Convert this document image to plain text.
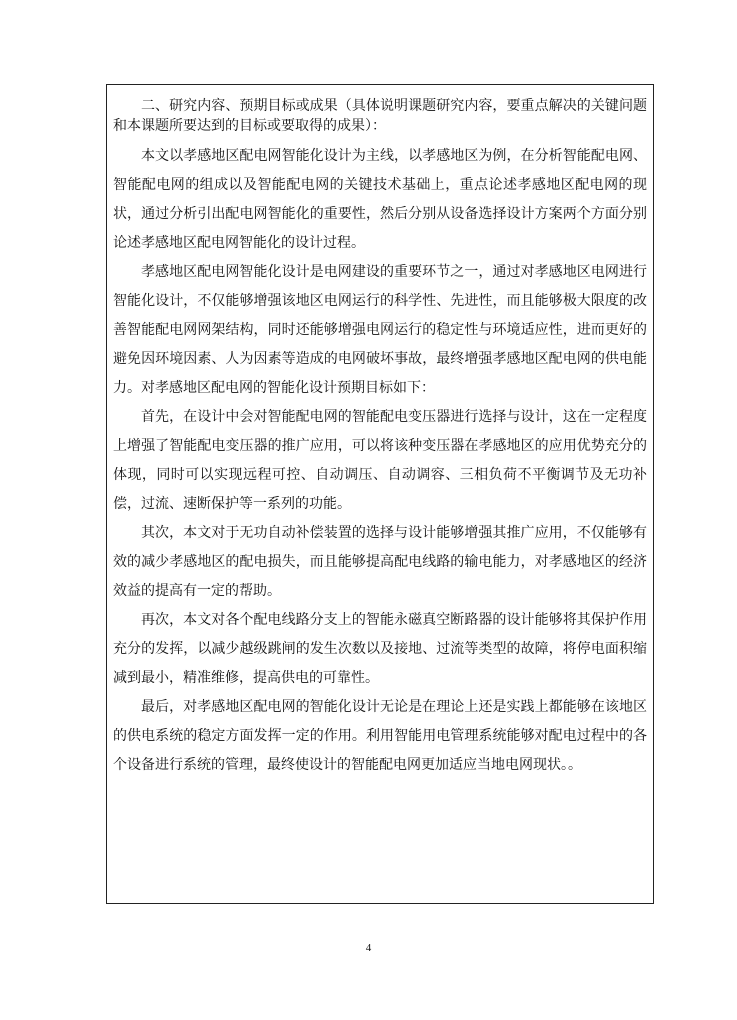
二、研究内容、预期目标或成果（具体说明课题研究内容，要重点解决的关键问题和本课题所要达到的目标或要取得的成果）：

本文以孝感地区配电网智能化设计为主线，以孝感地区为例，在分析智能配电网、智能配电网的组成以及智能配电网的关键技术基础上，重点论述孝感地区配电网的现状，通过分析引出配电网智能化的重要性，然后分别从设备选择设计方案两个方面分别论述孝感地区配电网智能化的设计过程。

孝感地区配电网智能化设计是电网建设的重要环节之一，通过对孝感地区电网进行智能化设计，不仅能够增强该地区电网运行的科学性、先进性，而且能够极大限度的改善智能配电网网架结构，同时还能够增强电网运行的稳定性与环境适应性，进而更好的避免因环境因素、人为因素等造成的电网破坏事故，最终增强孝感地区配电网的供电能力。对孝感地区配电网的智能化设计预期目标如下：

首先，在设计中会对智能配电网的智能配电变压器进行选择与设计，这在一定程度上增强了智能配电变压器的推广应用，可以将该种变压器在孝感地区的应用优势充分的体现，同时可以实现远程可控、自动调压、自动调容、三相负荷不平衡调节及无功补偿，过流、速断保护等一系列的功能。

其次，本文对于无功自动补偿装置的选择与设计能够增强其推广应用，不仅能够有效的减少孝感地区的配电损失，而且能够提高配电线路的输电能力，对孝感地区的经济效益的提高有一定的帮助。

再次，本文对各个配电线路分支上的智能永磁真空断路器的设计能够将其保护作用充分的发挥，以减少越级跳闸的发生次数以及接地、过流等类型的故障，将停电面积缩减到最小，精准维修，提高供电的可靠性。

最后，对孝感地区配电网的智能化设计无论是在理论上还是实践上都能够在该地区的供电系统的稳定方面发挥一定的作用。利用智能用电管理系统能够对配电过程中的各个设备进行系统的管理，最终使设计的智能配电网更加适应当地电网现状。。

4
